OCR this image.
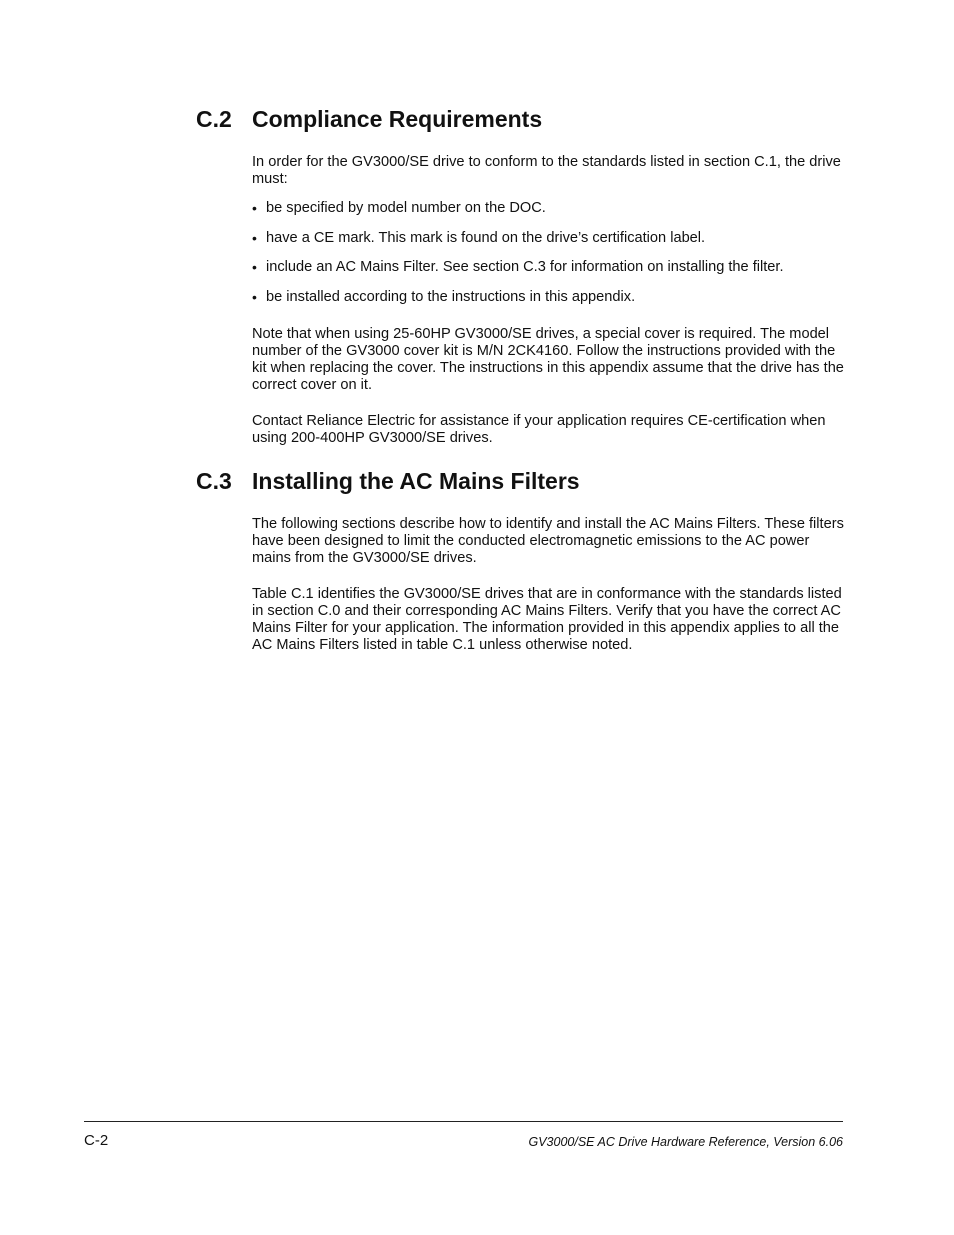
C.2 Compliance Requirements

In order for the GV3000/SE drive to conform to the standards listed in section C.1, the drive must:

• be specified by model number on the DOC.
• have a CE mark. This mark is found on the drive’s certification label.
• include an AC Mains Filter. See section C.3 for information on installing the filter.
• be installed according to the instructions in this appendix.

Note that when using 25-60HP GV3000/SE drives, a special cover is required. The model number of the GV3000 cover kit is M/N 2CK4160. Follow the instructions provided with the kit when replacing the cover. The instructions in this appendix assume that the drive has the correct cover on it.

Contact Reliance Electric for assistance if your application requires CE-certification when using 200-400HP GV3000/SE drives.

C.3 Installing the AC Mains Filters

The following sections describe how to identify and install the AC Mains Filters. These filters have been designed to limit the conducted electromagnetic emissions to the AC power mains from the GV3000/SE drives.

Table C.1 identifies the GV3000/SE drives that are in conformance with the standards listed in section C.0 and their corresponding AC Mains Filters. Verify that you have the correct AC Mains Filter for your application. The information provided in this appendix applies to all the AC Mains Filters listed in table C.1 unless otherwise noted.

C-2	GV3000/SE AC Drive Hardware Reference, Version 6.06
